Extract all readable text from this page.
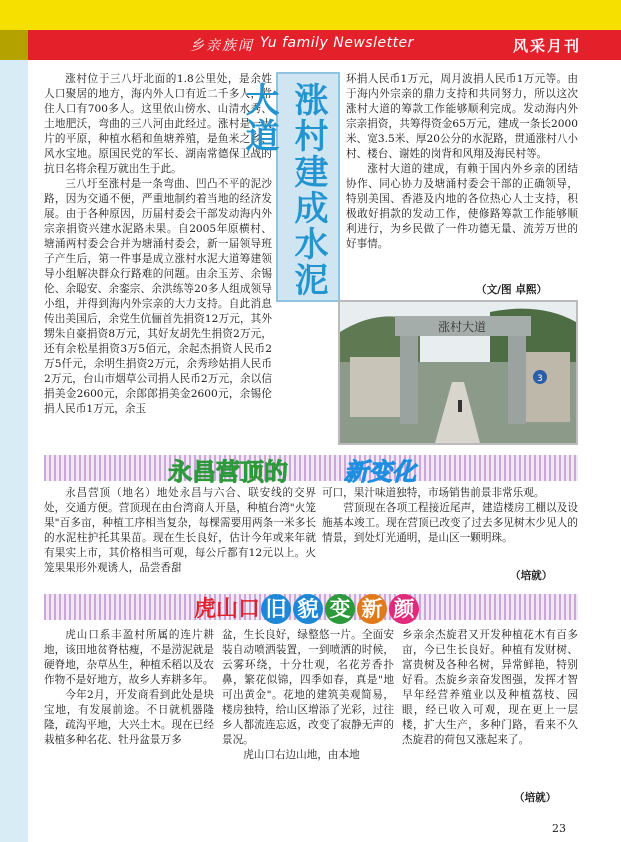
乡亲族闻 Yu family Newsletter	风采月刊

涨村位于三八圩北面的1.8公里处，是余姓人口聚居的地方，海内外人口有近二千多人，常住人口有700多人。这里依山傍水、山清水秀、土地肥沃，弯曲的三八河由此经过。涨村是一大片的平原，种植水稻和鱼塘养殖，是鱼米之乡、风水宝地。原国民党的军长、湖南常德保卫战的抗日名将余程万就出生于此。

三八圩至涨村是一条弯曲、凹凸不平的泥沙路，因为交通不便，严重地制约着当地的经济发展。由于各种原因，历届村委会干部发动海内外宗亲捐资兴建水泥路未果。自2005年原横村、塘涌两村委会合并为塘涌村委会，新一届领导班子产生后，第一件事是成立涨村水泥大道筹建领导小组解决群众行路难的问题。由余玉芳、余锡伦、余聪安、余銮宗、余洪练等20多人组成领导小组，并得到海内外宗亲的大力支持。自此消息传出美国后，余党生伉俪首先捐资12万元，其外甥朱自豪捐资8万元，其好友胡先生捐资2万元，还有余松星捐资3万5佰元，余起杰捐资人民币2万5仟元，余明生捐资2万元，余秀珍姑捐人民币2万元，台山市烟草公司捐人民币2万元，余以信捐美金2600元，余郎郎捐美金2600元，余锡伦捐人民币1万元，余玉

涨村建成水泥大道

环捐人民币1万元，周月波捐人民币1万元等。由于海内外宗亲的鼎力支持和共同努力，所以这次涨村大道的筹款工作能够顺利完成。发动海内外宗亲捐资，共筹得资金65万元，建成一条长2000米、宽3.5米、厚20公分的水泥路，贯通涨村八小村、楼台、谢姓的岗背和风翔及海民村等。

涨村大道的建成，有赖于国内外乡亲的团结协作、同心协力及塘涌村委会干部的正确领导，特别美国、香港及内地的各位热心人士支持，积极敢好捐款的发动工作，使修路筹款工作能够顺利进行，为乡民做了一件功德无量、流芳万世的好事情。

（文/图 卓熙）
涨村大道
3
永昌营顶的 新变化

永昌营顶（地名）地处永昌与六合、联安线的交界处，交通方便。营顶现在由台湾商人开垦，种植台湾"火笼果"百多亩，种植工序相当复杂，每棵需要用两条一米多长的水泥柱护托其果苗。现在生长良好，估计今年或来年就有果实上市，其价格相当可观，每公斤都有12元以上。火笼果果形外观诱人，品尝香甜

可口，果汁味道独特，市场销售前景非常乐观。

营顶现在各项工程接近尾声，建造楼房工棚以及设施基本竣工。现在营顶已改变了过去多见树木少见人的情景，到处灯光通明，是山区一颗明珠。

（培就）
虎山口 旧 貌 变 新 颜

虎山口系丰盈村所属的连片耕地，该田地贫脊枯瘦，不是涝泥就是硬脊地，杂草丛生，种植禾稻以及农作物不是好地方，故乡人弃耕多年。

今年2月，开发商看到此处是块宝地，有发展前途。不日就机器隆隆，疏沟平地，大兴土木。现在已经栽植多种名花、牡丹盆景万多

盆，生长良好，绿整悠一片。全面安装自动喷洒装置，一到喷洒的时候，云雾环绕，十分壮观，名花芳香扑鼻，繁花似锦，四季如春，真是"地可出黄金"。花地的建筑美观简易，楼房独特，给山区增添了光彩，过往乡人都流连忘返，改变了寂静无声的景况。

虎山口右边山地，由本地

乡亲余杰旋君又开发种植花木有百多亩，今已生长良好。种植有发财树、富贵树及各种名树，异常鲜艳，特别好看。杰旋乡亲奋发图强，发挥才智早年经营养殖业以及种植荔枝、园眼，经已收入可观，现在更上一层楼，扩大生产，多种门路，看来不久杰旋君的荷包又涨起来了。

（培就）
23
